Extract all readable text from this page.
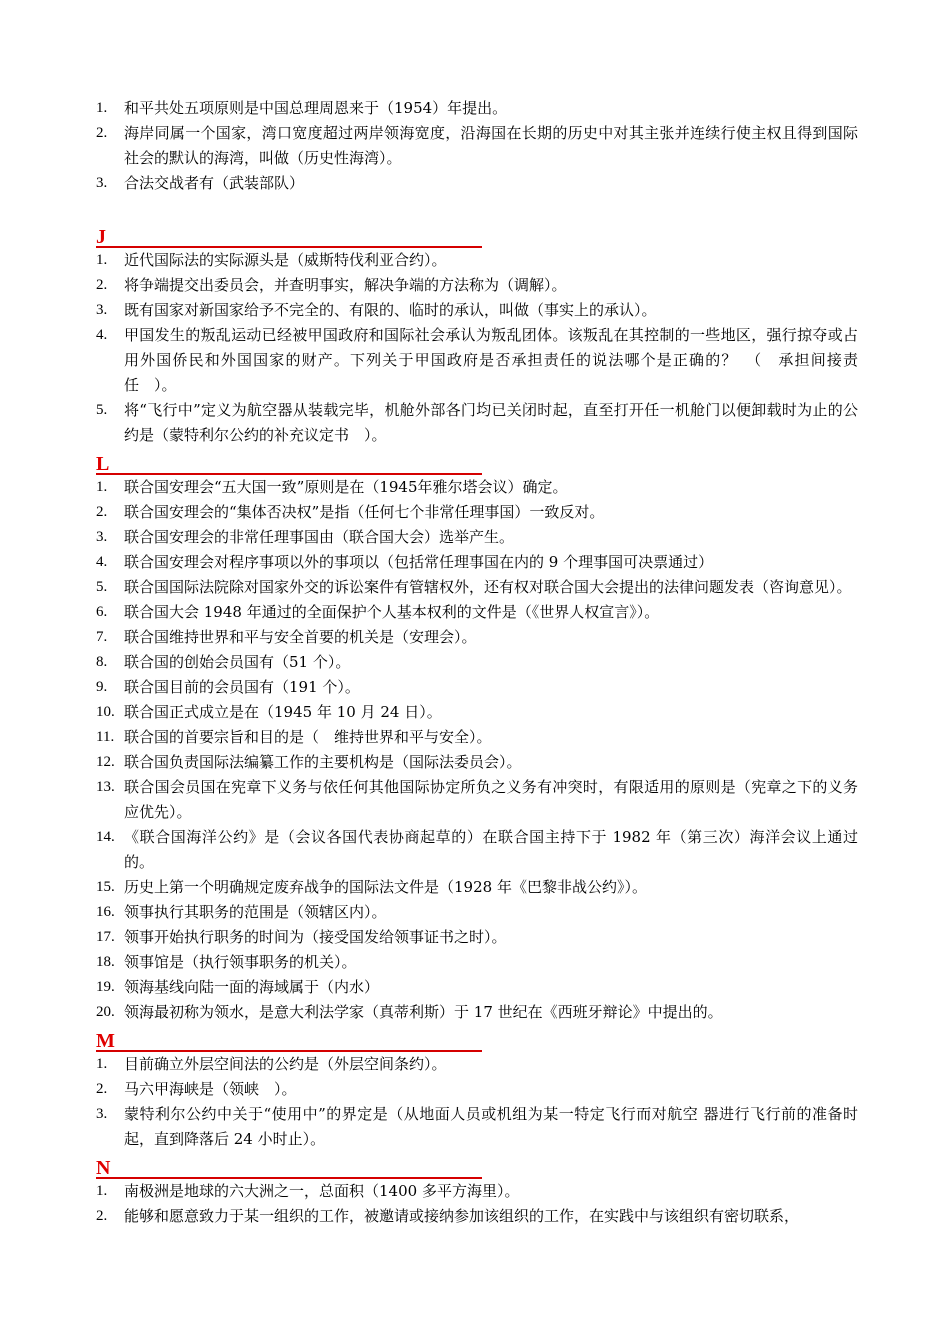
1.	和平共处五项原则是中国总理周恩来于（1954）年提出。
2.	海岸同属一个国家，湾口宽度超过两岸领海宽度，沿海国在长期的历史中对其主张并连续行使主权且得到国际社会的默认的海湾，叫做（历史性海湾）。
3.	合法交战者有（武装部队）
J
1.	近代国际法的实际源头是（威斯特伐利亚合约）。
2.	将争端提交出委员会，并查明事实，解决争端的方法称为（调解）。
3.	既有国家对新国家给予不完全的、有限的、临时的承认，叫做（事实上的承认）。
4.	甲国发生的叛乱运动已经被甲国政府和国际社会承认为叛乱团体。该叛乱在其控制的一些地区，强行掠夺或占用外国侨民和外国国家的财产。下列关于甲国政府是否承担责任的说法哪个是正确的？　（　承担间接责任　）。
5.	将“飞行中”定义为航空器从装载完毕，机舱外部各门均已关闭时起，直至打开任一机舱门以便卸载时为止的公约是（蒙特利尔公约的补充议定书　）。
L
1.	联合国安理会“五大国一致”原则是在（1945年雅尔塔会议）确定。
2.	联合国安理会的“集体否决权”是指（任何七个非常任理事国）一致反对。
3.	联合国安理会的非常任理事国由（联合国大会）选举产生。
4.	联合国安理会对程序事项以外的事项以（包括常任理事国在内的 9 个理事国可决票通过）
5.	联合国国际法院除对国家外交的诉讼案件有管辖权外，还有权对联合国大会提出的法律问题发表（咨询意见）。
6.	联合国大会 1948 年通过的全面保护个人基本权利的文件是（《世界人权宣言》）。
7.	联合国维持世界和平与安全首要的机关是（安理会）。
8.	联合国的创始会员国有（51 个）。
9.	联合国目前的会员国有（191 个）。
10. 联合国正式成立是在（1945 年 10 月 24 日）。
11. 联合国的首要宗旨和目的是（　维持世界和平与安全）。
12. 联合国负责国际法编纂工作的主要机构是（国际法委员会）。
13. 联合国会员国在宪章下义务与依任何其他国际协定所负之义务有冲突时，有限适用的原则是（宪章之下的义务应优先）。
14. 《联合国海洋公约》是（会议各国代表协商起草的）在联合国主持下于 1982 年（第三次）海洋会议上通过的。
15. 历史上第一个明确规定废弃战争的国际法文件是（1928 年《巴黎非战公约》）。
16. 领事执行其职务的范围是（领辖区内）。
17. 领事开始执行职务的时间为（接受国发给领事证书之时）。
18. 领事馆是（执行领事职务的机关）。
19. 领海基线向陆一面的海域属于（内水）
20. 领海最初称为领水，是意大利法学家（真蒂利斯）于 17 世纪在《西班牙辩论》中提出的。
M
1.	目前确立外层空间法的公约是（外层空间条约）。
2.	马六甲海峡是（领峡　）。
3.	蒙特利尔公约中关于“使用中”的界定是（从地面人员或机组为某一特定飞行而对航空 器进行飞行前的准备时起，直到降落后 24 小时止）。
N
1.	南极洲是地球的六大洲之一，总面积（1400 多平方海里）。
2.	能够和愿意致力于某一组织的工作，被邀请或接纳参加该组织的工作，在实践中与该组织有密切联系，
